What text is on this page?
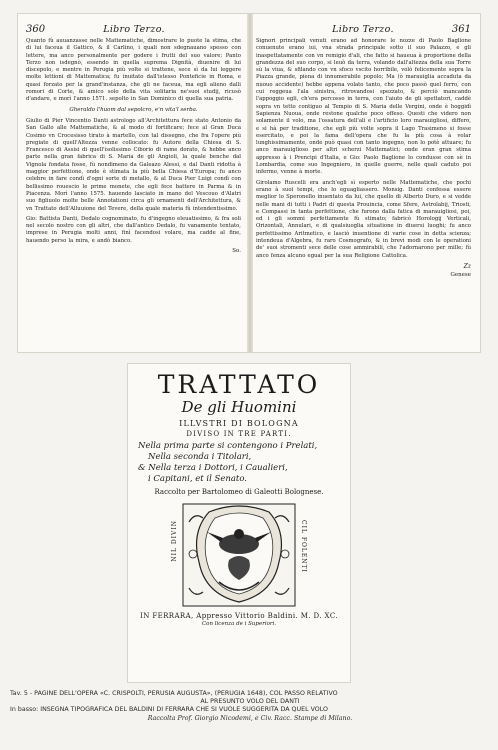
360	Libro Terzo.

Quanto fù auuanzasse nelle Mattematiche, dimostrare lo puote la stima, che di lui faceua il Gattico, & il Carlino, i quali non sdegnauano spesso con lettere, ma anco personalmente per godere i frutti del suo valore; Panto Terzo non isdegnò, essendo in quella suprema Dignità, diuenire di lui discepolo, e mentre in Perugia più volte si trattene, sece sì da lui leggere molte lettioni di Mattematica; fu inuitato dall'istesso Ponteficie in Roma, e quasi forzato per la grand'instanza, che gli ne faceua, ma egli alieno dalli romori di Corte, & amico solo della vita solitaria ne'suoi studij, ricusò d'andare, e morì l'anno 1571. sepolto in San Dominico di quella sua patria.

Gheraldo l'huom dal sepolcro, e'n vita'l serba.

Giulio di Pier Vincentio Danti astrologo all'Architettura fece stato Antonio da San Gallo alle Mattematiche, & al modo di fortificare; fece al Gran Duca Cosimo vn Crocesisso tirato à martello, con tal dissegno, che fra l'opere più pregiate di quell'Altezza venne collocato: fu Autore della Chiesa di S. Francesco di Assisi di quell'isolissimo Ciborio di rame dorato, & hebbe anco parte nella gran fabrica di S. Maria de gli Angioli, la quale benche dal Vignola fondata fosse, fù nondimeno da Galeazo Alessi, e dal Danti ridotta à maggior perfettione, onde è stimata la più bella Chiesa d'Europa; fu anco celebre in fare condì d'ogni sorte di metallo, & al Duca Pier Luigi condì con bellissimo rouescio le prime monete, che egli fece battere in Parma & in Piacenza. Morì l'anno 1575. hauendo lasciato in mano del Vescouo d'Alatri suo figliuolo molte belle Annotationi circa gli ornamenti dell'Architettura, & vn Trattato dell'Alluuione del Tevere, della quale materia fù intendentissimo.

Gio: Battista Danti, Dedalo cognominato, fu d'ingegno eleuatissimo, & fra soli nel secolo nostro con gli altri, che dall'antico Dedalo, fu vanamente tentato, imprese in Perugia molti anni, finì facendosi volare, ma cadde al fine, hauendo perso la mira, e andò bianco.

So.
Libro Terzo.	361

Signori principali venuti erano ad honorare le nozze di Paolo Baglione conuenute erano iui, vna strada principale sotto il suo Palazzo, e gli inaspettatamente con vn remigio d'ali, che fatto si haueua à proportione della grandezza del suo corpo, si leuò da terra, volando dall'altezza della sua Torre sù la viua, & sfilando con vn sfoco vscito horribile, volò felicemente sopra la Piazza grande, piena di innumerabile popolo; Ma (ò marauiglia accaduta da nuouo accidente) hebbe appena volato tanto, che poco passò quel ferro, con cui reggeua l'ala sinistra, ritrovandosi spezzato, & perciò mancando l'appoggio egli, ch'era percosso in terra, con l'aiuto de gli spettatori, caddè sopra vn tetto contiguo al Tempio di S. Maria delle Vergini, onde è hoggidì Sapienza Nuoua, onde restone qualche poco offeso. Questi che videro non solamente il volo, ma l'ossatura dell'ali e l'artificio loro marauigliosi, differo, e si hà per traditione, che egli più volte sopra il Lago Trasimeno si fosse esercitato, e poi la fama dell'opera che fu la più cosa à volar lunghissimamente, onde può quasi con tanto ingegno, non lo potè attuare; fu anco marauiglioso per altri scherzi Mattematici; onde eran gran stima appresso à i Prencipi d'Italia, e Gio: Paolo Baglione lo condusse con sè in Lombardia, come suo Ingegniero, in quelle guerre, nelle quali caduto poi infermo, venne à morte.

Girolamo Ruscelli era anch'egli sì esperto nelle Mattematiche, che pochi erano à suoi tempi, che lo eguagliassero. Monsig. Danti confessa essere meglior lo Speronello inuentato da lui, che quello di Alberto Duro, e si vedde nelle mani di tutti i Padri di questa Prouincia, come Sfere, Astrolabij, Triosti, e Compassi in tanta perfettione, che furono dalla fatica di marauigliosi, poi, ed i gli sommi perfettamente fù stimato; fabricò Horologij Verticali, Orizontali, Annulari, e di qualsiuoglia situatione in diuersi luoghi; fu anco perfettissimo Aritmetico, e lasciò inuentione di varie cose in detta scienza; intendeua d'Algebra, fu raro Cosmografo, & in brevi modi con le operationi de' suoi stromenti sece delle cose ammirabili, che l'adornarono per mille; fù anco fenza alcuno egual per la sua Religione Cattolica.

Zz
Genese
TRATTATO
De gli Huomini
ILLVSTRI DI BOLOGNA
DIVISO IN TRE PARTI.
Nella prima parte si contengono i Prelati,
Nella seconda i Titolari,
& Nella terza i Dottori, i Caualieri,
i Capitani, et il Senato.
Raccolto per Bartolomeo di Galeotti Bolognese.
NIL DIVIN	CIL FOLENTI
IN FERRARA, Appresso Vittorio Baldini. M. D. XC.
Con licenza de i Superiori.
Tav. 5 - PAGINE DELL'OPERA «C. CRISPOLTI, PERUSIA AUGUSTA», (PERUGIA 1648), COL PASSO RELATIVO
AL PRESUNTO VOLO DEL DANTI
In basso: INSEGNA TIPOGRAFICA DEL BALDINI DI FERRARA CHE SI VUOLE SUGGERITA DA QUEL VOLO
Raccolta Prof. Giorgio Nicodemi, e Civ. Racc. Stampe di Milano.
